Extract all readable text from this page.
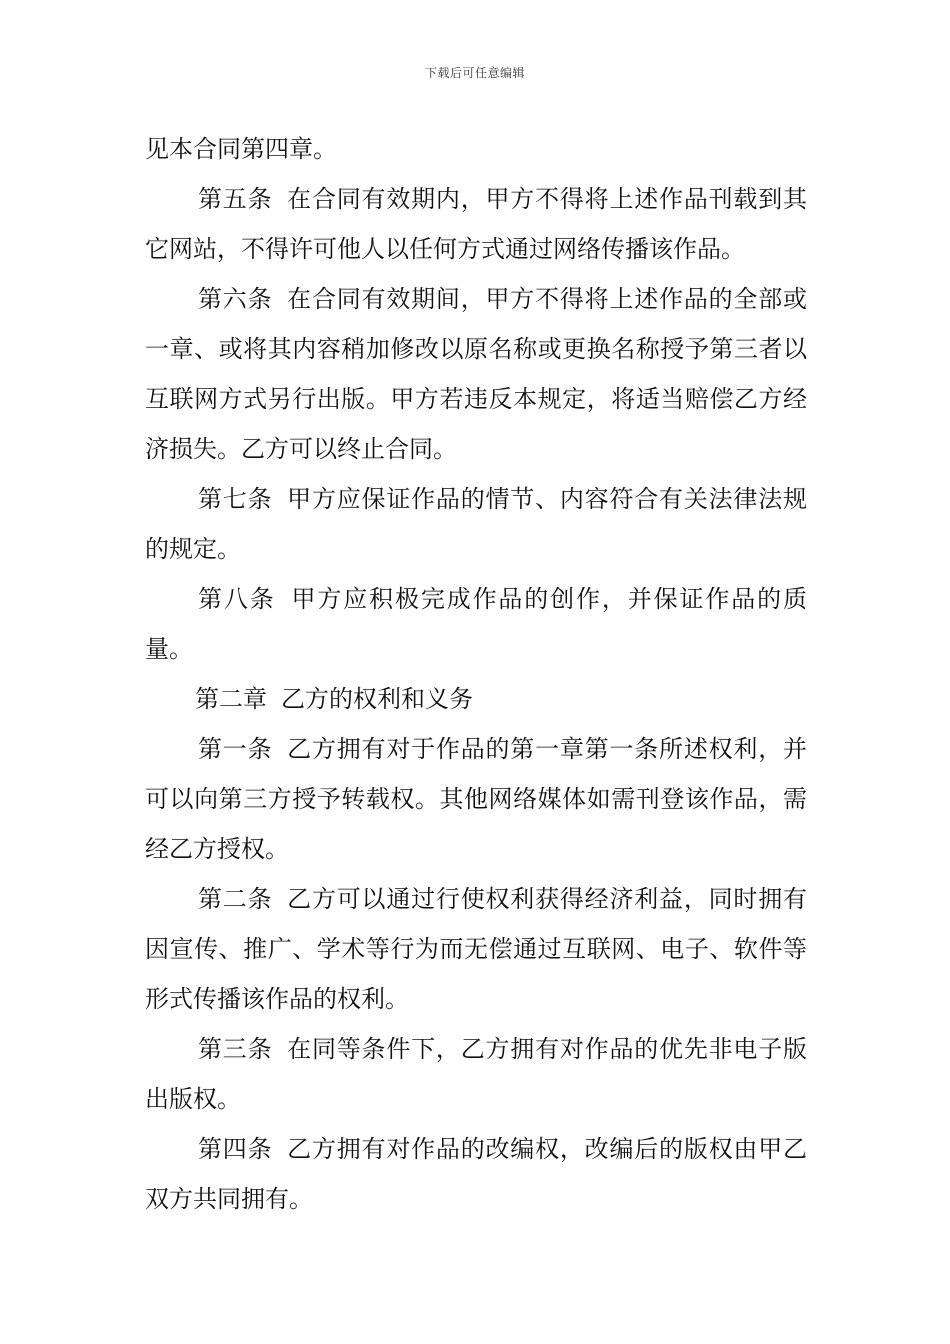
下载后可任意编辑

见本合同第四章。

第五条 在合同有效期内，甲方不得将上述作品刊载到其它网站，不得许可他人以任何方式通过网络传播该作品。

第六条 在合同有效期间，甲方不得将上述作品的全部或一章、或将其内容稍加修改以原名称或更换名称授予第三者以互联网方式另行出版。甲方若违反本规定，将适当赔偿乙方经济损失。乙方可以终止合同。

第七条 甲方应保证作品的情节、内容符合有关法律法规的规定。

第八条 甲方应积极完成作品的创作，并保证作品的质量。

第二章 乙方的权利和义务

第一条 乙方拥有对于作品的第一章第一条所述权利，并可以向第三方授予转载权。其他网络媒体如需刊登该作品，需经乙方授权。

第二条 乙方可以通过行使权利获得经济利益，同时拥有因宣传、推广、学术等行为而无偿通过互联网、电子、软件等形式传播该作品的权利。

第三条 在同等条件下，乙方拥有对作品的优先非电子版出版权。

第四条 乙方拥有对作品的改编权，改编后的版权由甲乙双方共同拥有。
